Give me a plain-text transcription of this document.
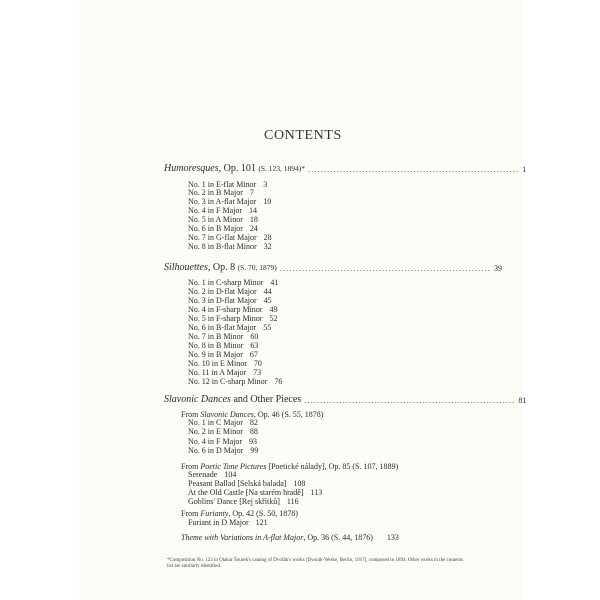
CONTENTS
Humoresques, Op. 101 (S. 123, 1894)* .................................................................. 1
No. 1 in E-flat Minor 3
No. 2 in B Major 7
No. 3 in A-flat Major 10
No. 4 in F Major 14
No. 5 in A Minor 18
No. 6 in B Major 24
No. 7 in G-flat Major 28
No. 8 in B-flat Minor 32
Silhouettes, Op. 8 (S. 70, 1879) .................................................................. 39
No. 1 in C-sharp Minor 41
No. 2 in D-flat Major 44
No. 3 in D-flat Major 45
No. 4 in F-sharp Minor 49
No. 5 in F-sharp Minor 52
No. 6 in B-flat Major 55
No. 7 in B Minor 60
No. 8 in B Minor 63
No. 9 in B Major 67
No. 10 in E Minor 70
No. 11 in A Major 73
No. 12 in C-sharp Minor 76
Slavonic Dances and Other Pieces .................................................................. 81
From Slavonic Dances, Op. 46 (S. 55, 1878)
No. 1 in C Major 82
No. 2 in E Minor 88
No. 4 in F Major 93
No. 6 in D Major 99
From Poetic Tone Pictures [Poetické nálady], Op. 85 (S. 107, 1889)
Serenade 104
Peasant Ballad [Selská balada] 108
At the Old Castle [Na starém hradě] 113
Goblins' Dance [Rej skřítků] 116
From Furianty, Op. 42 (S. 50, 1878)
Furiant in D Major 121
Theme with Variations in A-flat Major, Op. 36 (S. 44, 1876) 133
*Composition No. 123 in Otakar Šourek's catalog of Dvořák's works [Dvorák-Werke, Berlin, 1917], composed in 1894. Other works in the contents list are similarly identified.
